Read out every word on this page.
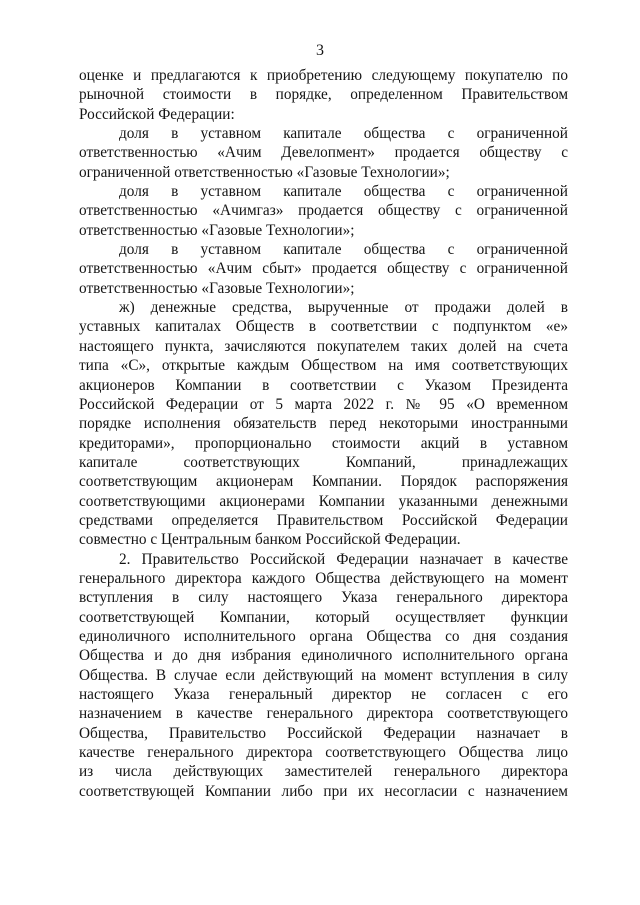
3
оценке и предлагаются к приобретению следующему покупателю по
рыночной стоимости в порядке, определенном Правительством
Российской Федерации:
доля в уставном капитале общества с ограниченной
ответственностью «Ачим Девелопмент» продается обществу с
ограниченной ответственностью «Газовые Технологии»;
доля в уставном капитале общества с ограниченной
ответственностью «Ачимгаз» продается обществу с ограниченной
ответственностью «Газовые Технологии»;
доля в уставном капитале общества с ограниченной
ответственностью «Ачим сбыт» продается обществу с ограниченной
ответственностью «Газовые Технологии»;
ж) денежные средства, вырученные от продажи долей в
уставных капиталах Обществ в соответствии с подпунктом «е»
настоящего пункта, зачисляются покупателем таких долей на счета
типа «С», открытые каждым Обществом на имя соответствующих
акционеров Компании в соответствии с Указом Президента
Российской Федерации от 5 марта 2022 г. № 95 «О временном
порядке исполнения обязательств перед некоторыми иностранными
кредиторами», пропорционально стоимости акций в уставном
капитале соответствующих Компаний, принадлежащих
соответствующим акционерам Компании. Порядок распоряжения
соответствующими акционерами Компании указанными денежными
средствами определяется Правительством Российской Федерации
совместно с Центральным банком Российской Федерации.
2. Правительство Российской Федерации назначает в качестве
генерального директора каждого Общества действующего на момент
вступления в силу настоящего Указа генерального директора
соответствующей Компании, который осуществляет функции
единоличного исполнительного органа Общества со дня создания
Общества и до дня избрания единоличного исполнительного органа
Общества. В случае если действующий на момент вступления в силу
настоящего Указа генеральный директор не согласен с его
назначением в качестве генерального директора соответствующего
Общества, Правительство Российской Федерации назначает в
качестве генерального директора соответствующего Общества лицо
из числа действующих заместителей генерального директора
соответствующей Компании либо при их несогласии с назначением
